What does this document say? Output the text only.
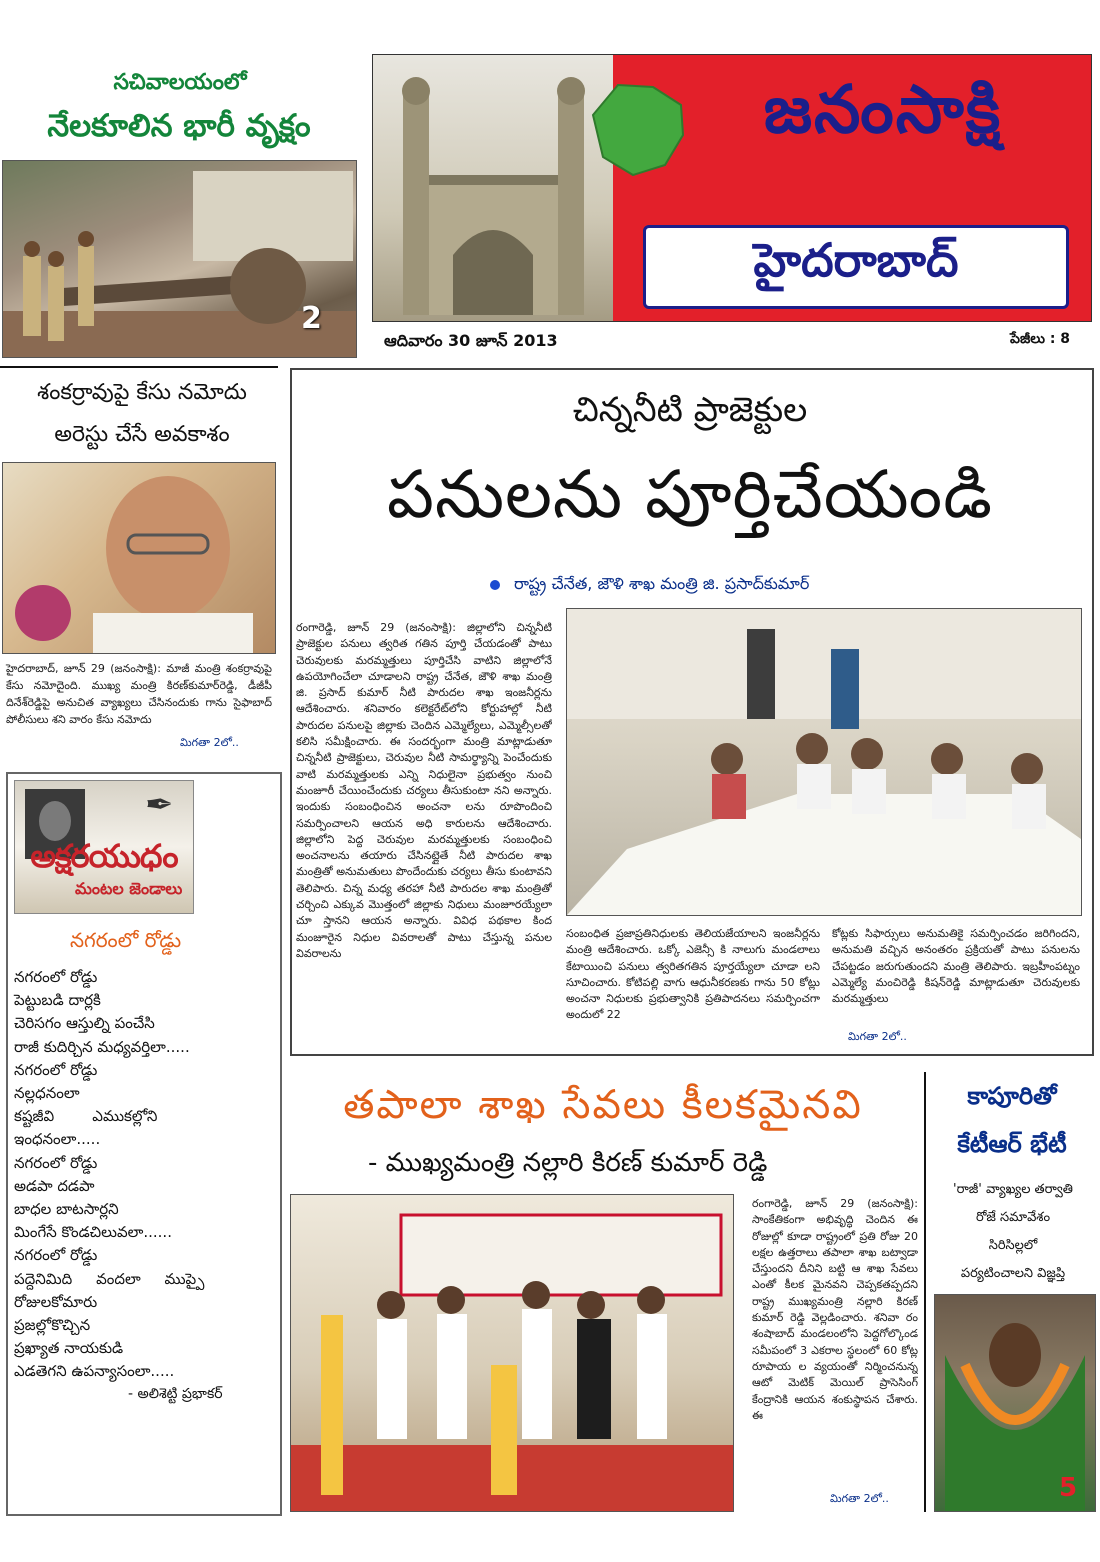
సచివాలయంలో
నేలకూలిన భారీ వృక్షం
2
జనంసాక్షి
హైదరాబాద్
ఆదివారం 30 జూన్ 2013	పేజీలు : 8
శంకర్రావుపై కేసు నమోదు
అరెస్టు చేసే అవకాశం
హైదరాబాద్, జూన్ 29 (జనంసాక్షి): మాజీ మంత్రి శంకర్రావుపై కేసు నమోదైంది. ముఖ్య మంత్రి కిరణ్‌కుమార్‌రెడ్డి, డీజీపీ దినేశ్‌రెడ్డిపై అనుచిత వ్యాఖ్యలు చేసినందుకు గాను సైఫాబాద్ పోలీసులు శని వారం కేసు నమోదు
మిగతా 2లో..
✒
అక్షరయుధం
మంటల జెండాలు
నగరంలో రోడ్డు
నగరంలో రోడ్డు
పెట్టుబడి దార్లకి
చెరిసగం ఆస్తుల్ని పంచేసి
రాజీ కుదిర్చిన మధ్యవర్తిలా.....
నగరంలో రోడ్డు
నల్లధనంలా
కష్టజీవి        ఎముకల్లోని
ఇంధనంలా.....
నగరంలో రోడ్డు
అడపా దడపా
బాధల బాటసార్లని
మింగేసే కొండచిలువలా......
నగరంలో రోడ్డు
పద్దెనిమిది     వందలా     ముప్పై
రోజులకోమారు
ప్రజల్లోకొచ్చిన
ప్రఖ్యాత నాయకుడి
ఎడతెగని ఉపన్యాసంలా.....
- అలిశెట్టి ప్రభాకర్
చిన్ననీటి ప్రాజెక్టుల
పనులను పూర్తిచేయండి
రాష్ట్ర చేనేత, జౌళి శాఖ మంత్రి జి. ప్రసాద్‌కుమార్
రంగారెడ్డి, జూన్ 29 (జనంసాక్షి): జిల్లాలోని చిన్ననీటి ప్రాజెక్టుల పనులు త్వరిత గతిన పూర్తి చేయడంతో పాటు చెరువులకు మరమ్మత్తులు పూర్తిచేసి వాటిని జిల్లాలోనే ఉపయోగించేలా చూడాలని రాష్ట్ర చేనేత, జౌళి శాఖ మంత్రి జి. ప్రసాద్ కుమార్ నీటి పారుదల శాఖ ఇంజనీర్లను ఆదేశించారు. శనివారం కలెక్టరేట్‌లోని కోర్టుహాల్లో నీటి పారుదల పనులపై జిల్లాకు చెందిన ఎమ్మెల్యేలు, ఎమ్మెల్సీలతో కలిసి సమీక్షించారు. ఈ సందర్భంగా మంత్రి మాట్లాడుతూ చిన్ననీటి ప్రాజెక్టులు, చెరువుల నీటి సామర్థ్యాన్ని పెంచేందుకు వాటి మరమ్మత్తులకు ఎన్ని నిధులైనా ప్రభుత్వం నుంచి మంజూరీ చేయించేందుకు చర్యలు తీసుకుంటా నని అన్నారు. ఇందుకు సంబంధించిన అంచనా లను రూపొందించి సమర్పించాలని ఆయన అధి కారులను ఆదేశించారు. జిల్లాలోని పెద్ద చెరువుల మరమ్మత్తులకు సంబంధించి అంచనాలను తయారు చేసినట్లైతే నీటి పారుదల శాఖ మంత్రితో అనుమతులు పొందేందుకు చర్యలు తీసు కుంటావని తెలిపారు. చిన్న మధ్య తరహా నీటి పారుదల శాఖ మంత్రితో చర్చించి ఎక్కువ మొత్తంలో జిల్లాకు నిధులు మంజూరయ్యేలా చూ స్తానని ఆయన అన్నారు. వివిధ పథకాల కింద మంజూరైన నిధుల వివరాలతో పాటు చేస్తున్న పనుల వివరాలను
సంబంధిత ప్రజాప్రతినిధులకు తెలియజేయాలని ఇంజనీర్లను మంత్రి ఆదేశించారు. ఒక్కో ఎజెన్సీ కి నాలుగు మండలాలు కేటాయించి పనులు త్వరితగతిన పూర్తయ్యేలా చూడా లని సూచించారు. కోటిపల్లి వాగు ఆధునీకరణకు గాను 50 కోట్లు అంచనా నిధులకు ప్రభుత్వానికి ప్రతిపాదనలు సమర్పించగా అందులో 22
కోట్లకు సిఫార్సులు అనుమతికై సమర్పించడం జరిగిందని, అనుమతి వచ్చిన అనంతరం ప్రక్రియతో పాటు పనులను చేపట్టడం జరుగుతుందని మంత్రి తెలిపారు. ఇబ్రహీంపట్నం ఎమ్మెల్యే మంచిరెడ్డి కిషన్‌రెడ్డి మాట్లాడుతూ చెరువులకు మరమ్మత్తులు
మిగతా 2లో..
తపాలా శాఖ సేవలు కీలకమైనవి
- ముఖ్యమంత్రి నల్లారి కిరణ్ కుమార్ రెడ్డి
రంగారెడ్డి, జూన్ 29 (జనంసాక్షి): సాంకేతికంగా అభివృద్ధి చెందిన ఈ రోజుల్లో కూడా రాష్ట్రంలో ప్రతి రోజు 20 లక్షల ఉత్తరాలు తపాలా శాఖ బట్వాడా చేస్తుందని దీనిని బట్టి ఆ శాఖ సేవలు ఎంతో కీలక మైనవని చెప్పకతప్పదని రాష్ట్ర ముఖ్యమంత్రి నల్లారి కిరణ్ కుమార్ రెడ్డి వెల్లడించారు. శనివా రం శంషాబాద్ మండలంలోని పెద్దగోల్కొండ సమీపంలో 3 ఎకరాల స్థలంలో 60 కోట్ల రూపాయ ల వ్యయంతో నిర్మించనున్న ఆటో మెటిక్ మెయిల్ ప్రాసెసింగ్ కేంద్రానికి ఆయన శంకుస్థాపన చేశారు. ఈ
మిగతా 2లో..
కాపూరితో
కేటీఆర్ భేటీ
'రాజీ' వ్యాఖ్యల తర్వాతి
రోజే సమావేశం
సిరిసిల్లలో
పర్యటించాలని విజ్ఞప్తి
5
